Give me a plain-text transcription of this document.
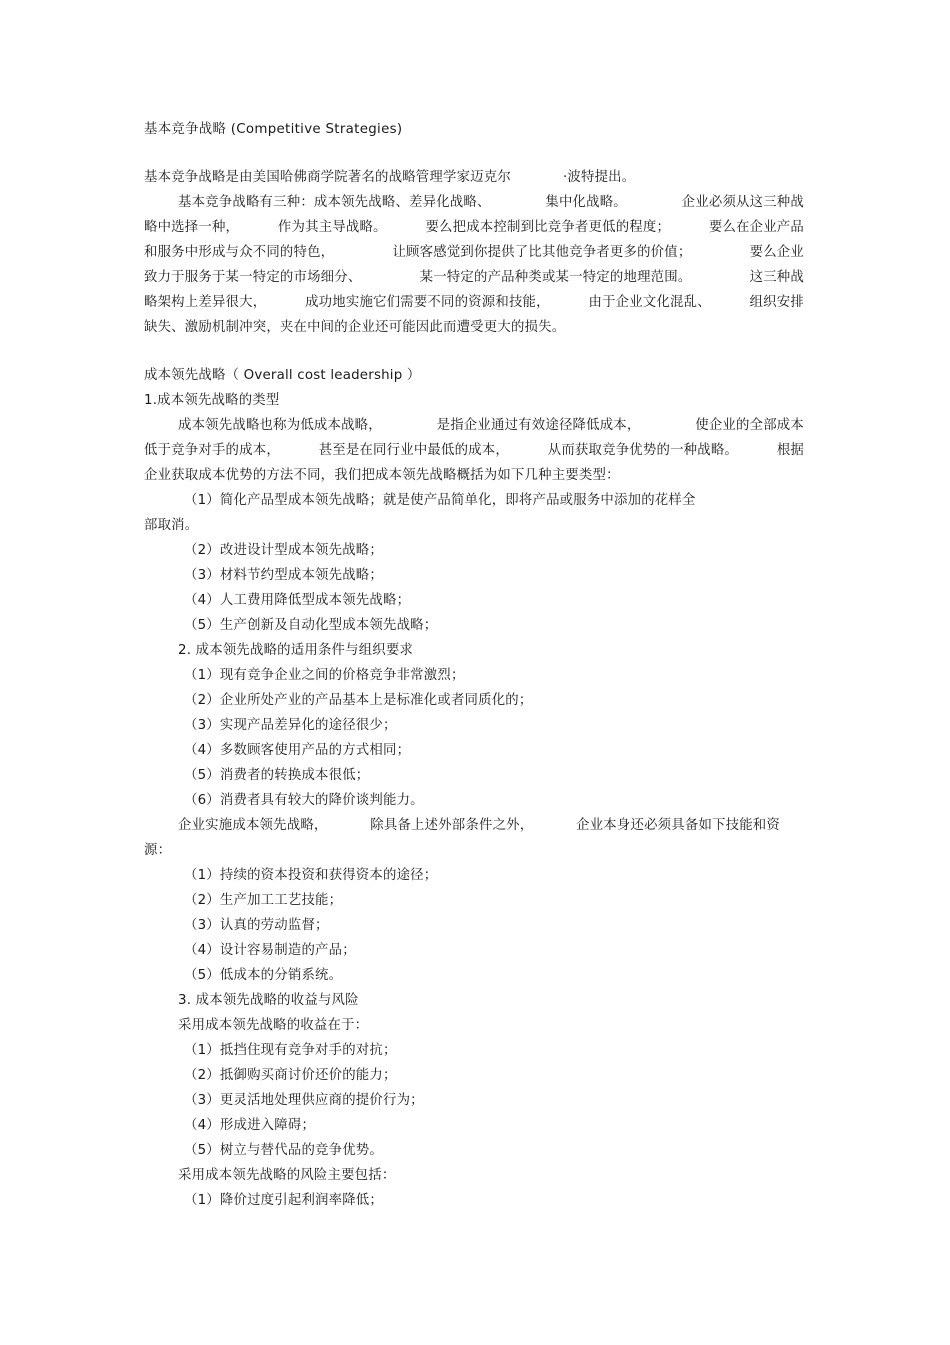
基本竞争战略 (Competitive Strategies)
基本竞争战略是由美国哈佛商学院著名的战略管理学家迈克尔	·波特提出。
基本竞争战略有三种：成本领先战略、差异化战略、	集中化战略。	企业必须从这三种战
略中选择一种，	作为其主导战略。	要么把成本控制到比竞争者更低的程度；	要么在企业产品
和服务中形成与众不同的特色，	让顾客感觉到你提供了比其他竞争者更多的价值；	要么企业
致力于服务于某一特定的市场细分、	某一特定的产品种类或某一特定的地理范围。	这三种战
略架构上差异很大，	成功地实施它们需要不同的资源和技能，	由于企业文化混乱、	组织安排
缺失、激励机制冲突，夹在中间的企业还可能因此而遭受更大的损失。
成本领先战略（ Overall cost leadership ）
1.成本领先战略的类型
成本领先战略也称为低成本战略，	是指企业通过有效途径降低成本，	使企业的全部成本
低于竞争对手的成本，	甚至是在同行业中最低的成本，	从而获取竞争优势的一种战略。	根据
企业获取成本优势的方法不同，我们把成本领先战略概括为如下几种主要类型：
（1）简化产品型成本领先战略；就是使产品简单化，即将产品或服务中添加的花样全
部取消。
（2）改进设计型成本领先战略；
（3）材料节约型成本领先战略；
（4）人工费用降低型成本领先战略；
（5）生产创新及自动化型成本领先战略；
2. 成本领先战略的适用条件与组织要求
（1）现有竞争企业之间的价格竞争非常激烈；
（2）企业所处产业的产品基本上是标准化或者同质化的；
（3）实现产品差异化的途径很少；
（4）多数顾客使用产品的方式相同；
（5）消费者的转换成本很低；
（6）消费者具有较大的降价谈判能力。
企业实施成本领先战略，	除具备上述外部条件之外，	企业本身还必须具备如下技能和资
源：
（1）持续的资本投资和获得资本的途径；
（2）生产加工工艺技能；
（3）认真的劳动监督；
（4）设计容易制造的产品；
（5）低成本的分销系统。
3. 成本领先战略的收益与风险
采用成本领先战略的收益在于：
（1）抵挡住现有竞争对手的对抗；
（2）抵御购买商讨价还价的能力；
（3）更灵活地处理供应商的提价行为；
（4）形成进入障碍；
（5）树立与替代品的竞争优势。
采用成本领先战略的风险主要包括：
（1）降价过度引起利润率降低；
